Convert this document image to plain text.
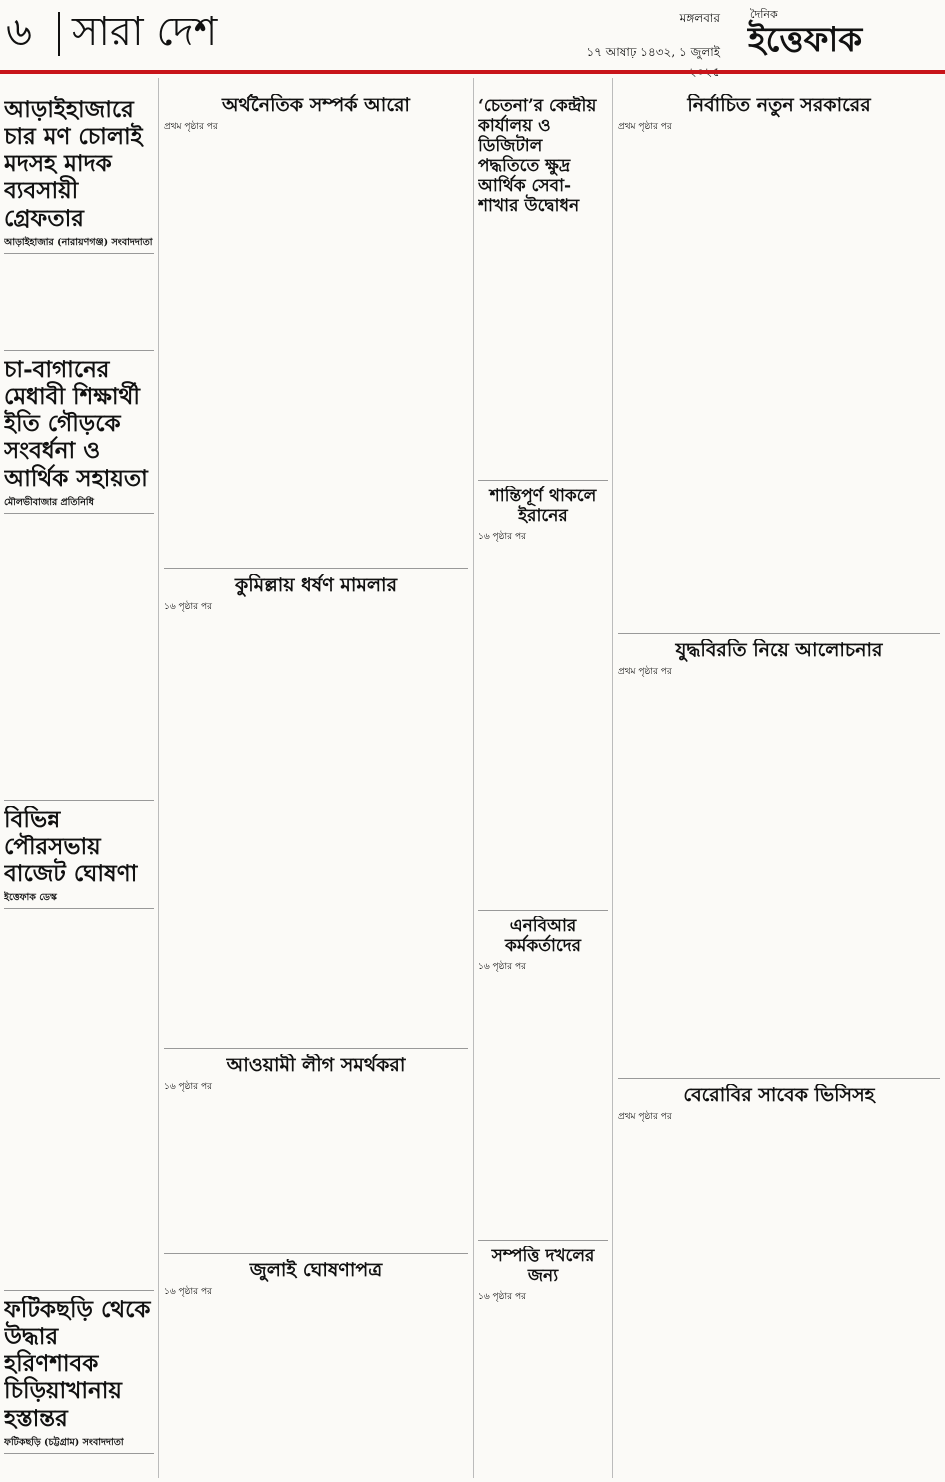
৬ সারা দেশ	মঙ্গলবার
১৭ আষাঢ় ১৪৩২, ১ জুলাই
দৈনিক
ইত্তেফাক
আড়াইহাজারে চার মণ চোলাই মদসহ মাদক ব্যবসায়ী গ্রেফতার
আড়াইহাজার (নারায়ণগঞ্জ) সংবাদদাতা

চা-বাগানের মেধাবী শিক্ষার্থী ইতি গৌড়কে সংবর্ধনা ও আর্থিক সহায়তা
মৌলভীবাজার প্রতিনিধি

বিভিন্ন পৌরসভায় বাজেট ঘোষণা
ইত্তেফাক ডেস্ক

ফটিকছড়ি থেকে উদ্ধার হরিণশাবক চিড়িয়াখানায় হস্তান্তর
ফটিকছড়ি (চট্টগ্রাম) সংবাদদাতা

অর্থনৈতিক সম্পর্ক আরো
প্রথম পৃষ্ঠার পর

কুমিল্লায় ধর্ষণ মামলার
১৬ পৃষ্ঠার পর

আওয়ামী লীগ সমর্থকরা
১৬ পৃষ্ঠার পর

জুলাই ঘোষণাপত্র
১৬ পৃষ্ঠার পর

‘চেতনা’র কেন্দ্রীয় কার্যালয় ও ডিজিটাল পদ্ধতিতে ক্ষুদ্র আর্থিক সেবা-শাখার উদ্বোধন

শান্তিপূর্ণ থাকলে ইরানের
১৬ পৃষ্ঠার পর

এনবিআর কর্মকর্তাদের
১৬ পৃষ্ঠার পর

সম্পত্তি দখলের জন্য
১৬ পৃষ্ঠার পর

নির্বাচিত নতুন সরকারের
প্রথম পৃষ্ঠার পর

যুদ্ধবিরতি নিয়ে আলোচনার
প্রথম পৃষ্ঠার পর

বেরোবির সাবেক ভিসিসহ
প্রথম পৃষ্ঠার পর
